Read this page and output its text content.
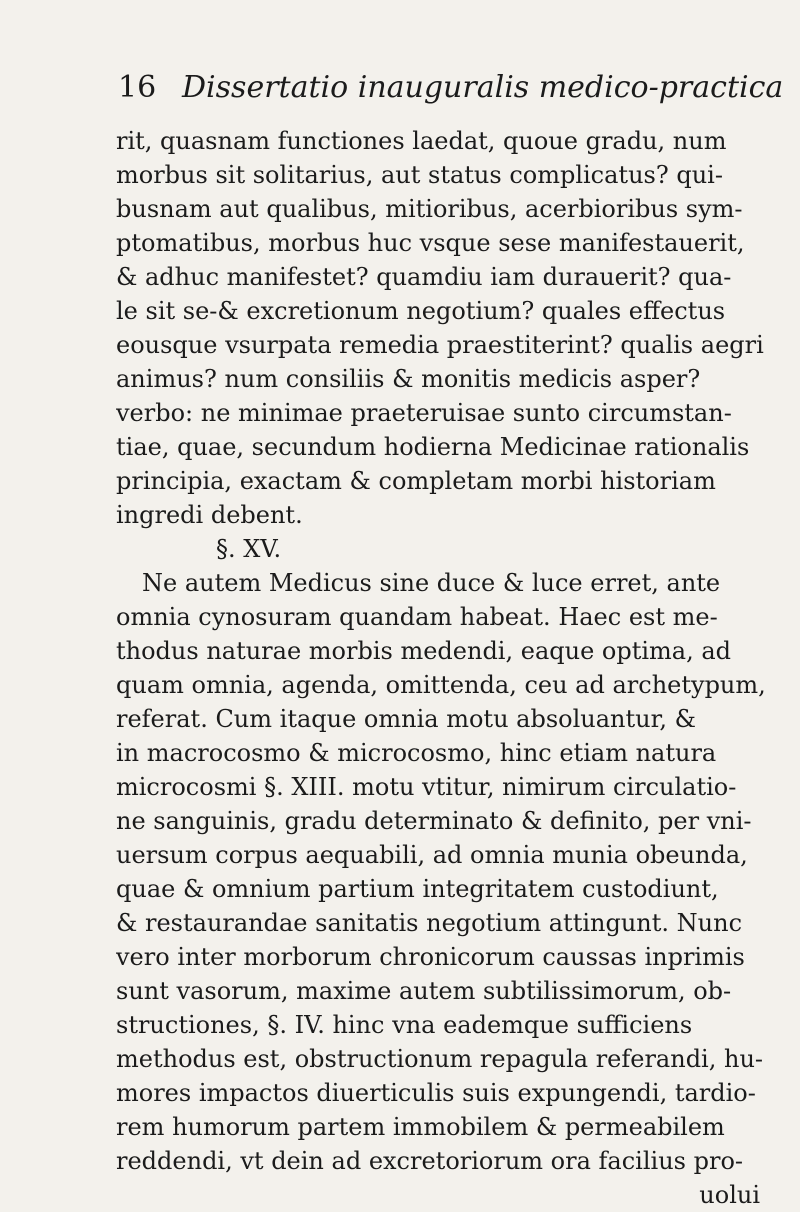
16 Dissertatio inauguralis medico-practica
rit, quasnam functiones laedat, quoue gradu, num
morbus sit solitarius, aut status complicatus? qui-
busnam aut qualibus, mitioribus, acerbioribus sym-
ptomatibus, morbus huc vsque sese manifestauerit,
& adhuc manifestet? quamdiu iam durauerit? qua-
le sit se-& excretionum negotium? quales effectus
eousque vsurpata remedia praestiterint? qualis aegri
animus? num consiliis & monitis medicis asper?
verbo: ne minimae praeteruisae sunto circumstan-
tiae, quae, secundum hodierna Medicinae rationalis
principia, exactam & completam morbi historiam
ingredi debent.
§. XV.
Ne autem Medicus sine duce & luce erret, ante
omnia cynosuram quandam habeat. Haec est me-
thodus naturae morbis medendi, eaque optima, ad
quam omnia, agenda, omittenda, ceu ad archetypum,
referat. Cum itaque omnia motu absoluantur, &
in macrocosmo & microcosmo, hinc etiam natura
microcosmi §. XIII. motu vtitur, nimirum circulatio-
ne sanguinis, gradu determinato & definito, per vni-
uersum corpus aequabili, ad omnia munia obeunda,
quae & omnium partium integritatem custodiunt,
& restaurandae sanitatis negotium attingunt. Nunc
vero inter morborum chronicorum caussas inprimis
sunt vasorum, maxime autem subtilissimorum, ob-
structiones, §. IV. hinc vna eademque sufficiens
methodus est, obstructionum repagula referandi, hu-
mores impactos diuerticulis suis expungendi, tardio-
rem humorum partem immobilem & permeabilem
reddendi, vt dein ad excretoriorum ora facilius pro-
uolui
